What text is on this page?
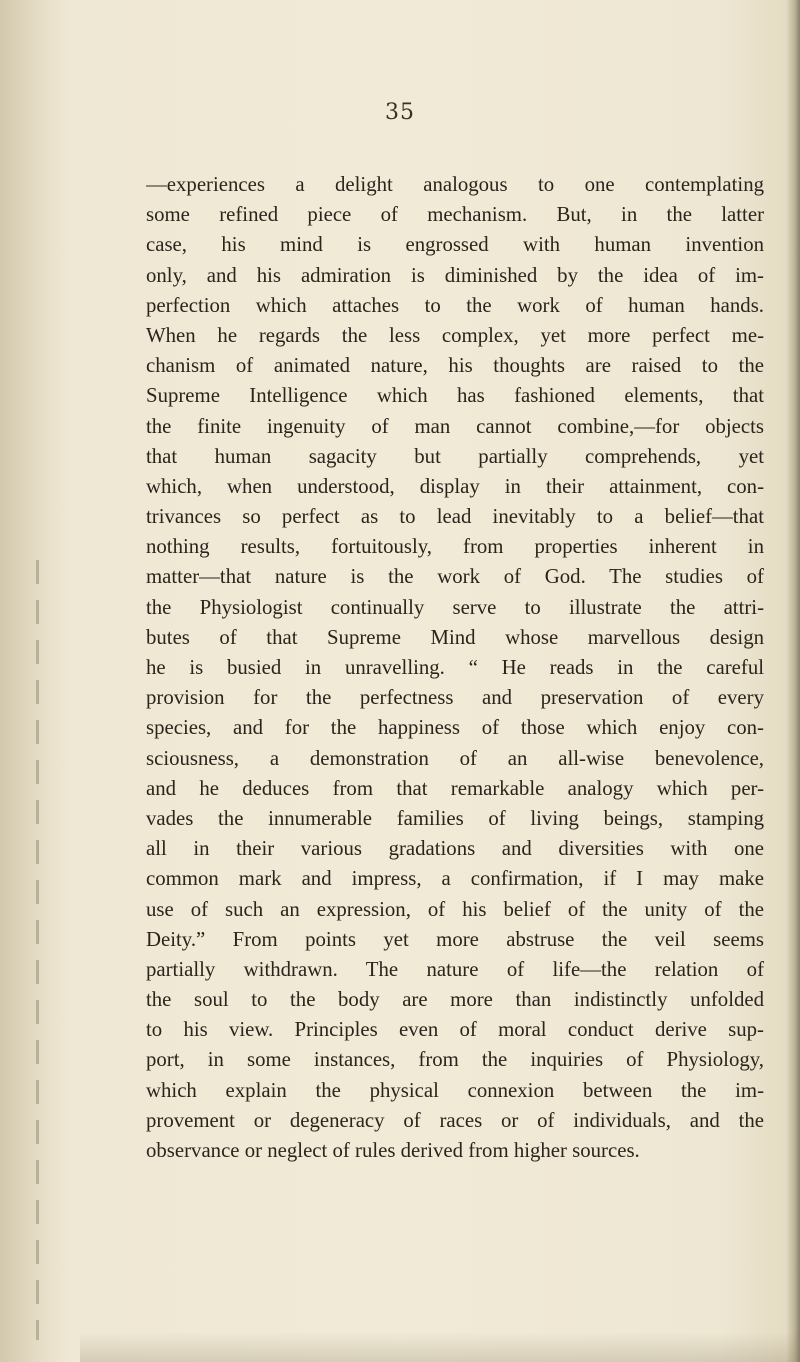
35
—experiences a delight analogous to one contemplating
some refined piece of mechanism. But, in the latter
case, his mind is engrossed with human invention
only, and his admiration is diminished by the idea of im-
perfection which attaches to the work of human hands.
When he regards the less complex, yet more perfect me-
chanism of animated nature, his thoughts are raised to the
Supreme Intelligence which has fashioned elements, that
the finite ingenuity of man cannot combine,—for objects
that human sagacity but partially comprehends, yet
which, when understood, display in their attainment, con-
trivances so perfect as to lead inevitably to a belief—that
nothing results, fortuitously, from properties inherent in
matter—that nature is the work of God. The studies of
the Physiologist continually serve to illustrate the attri-
butes of that Supreme Mind whose marvellous design
he is busied in unravelling. “ He reads in the careful
provision for the perfectness and preservation of every
species, and for the happiness of those which enjoy con-
sciousness, a demonstration of an all-wise benevolence,
and he deduces from that remarkable analogy which per-
vades the innumerable families of living beings, stamping
all in their various gradations and diversities with one
common mark and impress, a confirmation, if I may make
use of such an expression, of his belief of the unity of the
Deity.” From points yet more abstruse the veil seems
partially withdrawn. The nature of life—the relation of
the soul to the body are more than indistinctly unfolded
to his view. Principles even of moral conduct derive sup-
port, in some instances, from the inquiries of Physiology,
which explain the physical connexion between the im-
provement or degeneracy of races or of individuals, and the
observance or neglect of rules derived from higher sources.
